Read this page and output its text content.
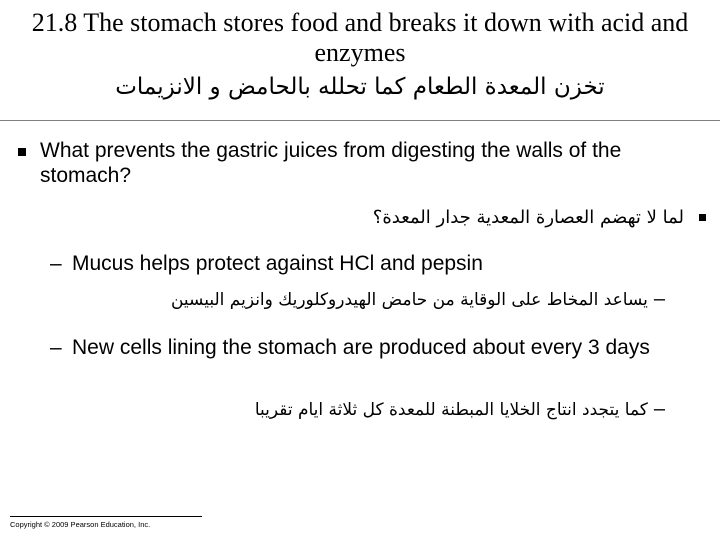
21.8 The stomach stores food and breaks it down with acid and enzymes
تخزن المعدة الطعام كما تحلله بالحامض و الانزيمات
What prevents the gastric juices from digesting the walls of the stomach?
لما لا تهضم العصارة المعدية جدار المعدة؟
– Mucus helps protect against HCl and pepsin
–يساعد المخاط على الوقاية من حامض الهيدروكلوريك وانزيم البيسين
– New cells lining the stomach are produced about every 3 days
–كما يتجدد انتاج الخلايا المبطنة للمعدة كل ثلاثة ايام تقريبا
Copyright © 2009 Pearson Education, Inc.
